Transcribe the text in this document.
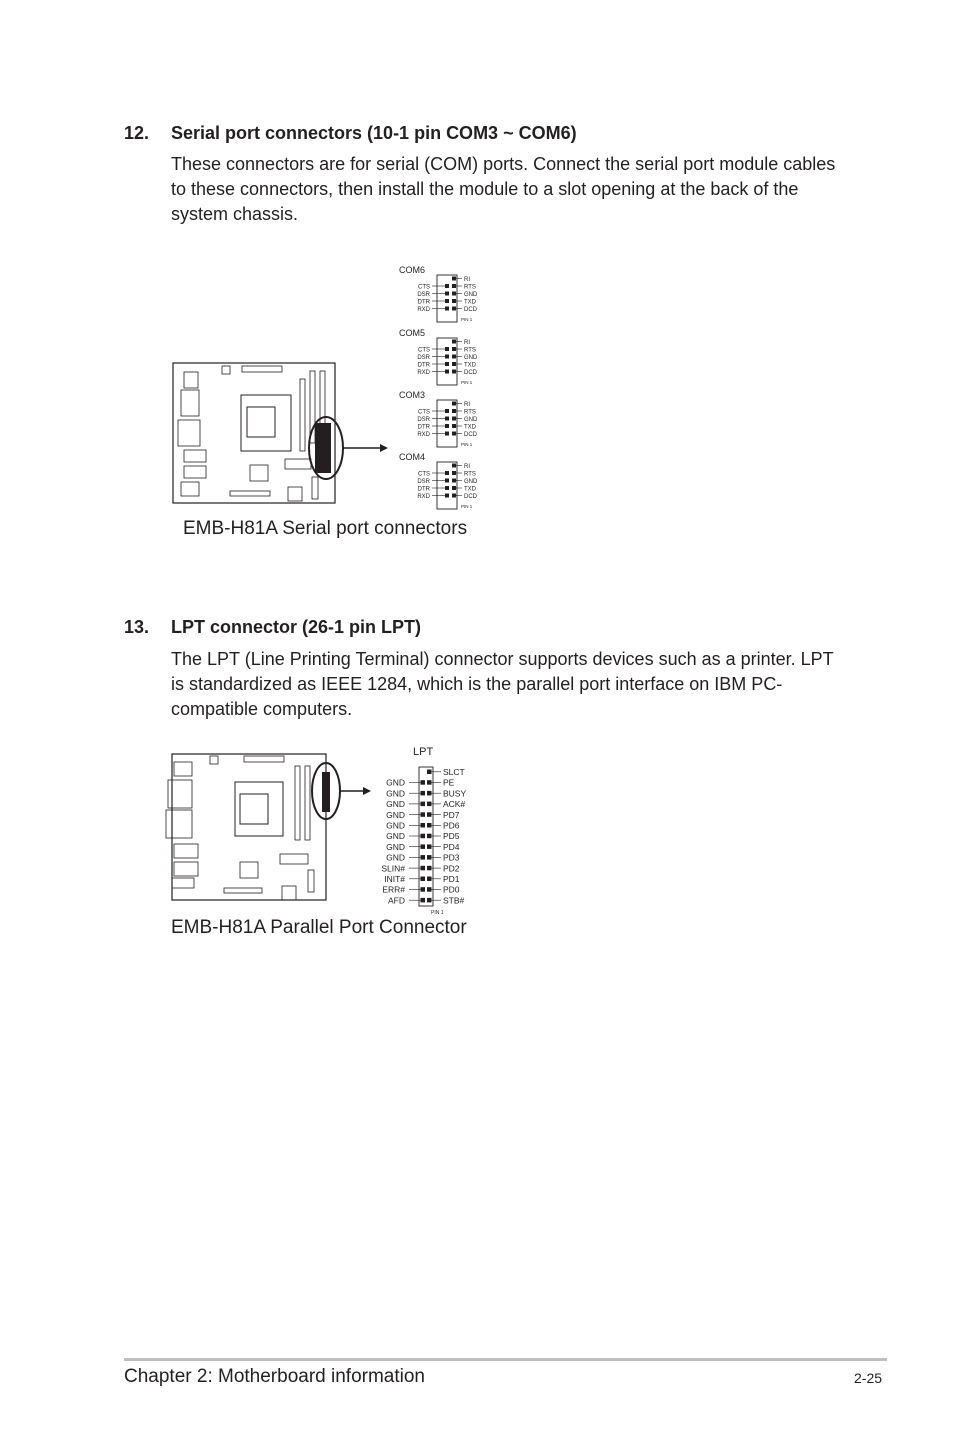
12. Serial port connectors (10-1 pin COM3 ~ COM6)
These connectors are for serial (COM) ports. Connect the serial port module cables to these connectors, then install the module to a slot opening at the back of the system chassis.
COM6
RI
RTS
CTS
GND
DSR
TXD
DTR
DCD
RXD
PIN 1
COM5
RI
RTS
CTS
GND
DSR
TXD
DTR
DCD
RXD
PIN 1
COM3
RI
RTS
CTS
GND
DSR
TXD
DTR
DCD
RXD
PIN 1
COM4
RI
RTS
CTS
GND
DSR
TXD
DTR
DCD
RXD
PIN 1
EMB-H81A Serial port connectors
13. LPT connector (26-1 pin LPT)
The LPT (Line Printing Terminal) connector supports devices such as a printer. LPT is standardized as IEEE 1284, which is the parallel port interface on IBM PC-compatible computers.
LPT
SLCT
PE
GND
BUSY
GND
ACK#
GND
PD7
GND
PD6
GND
PD5
GND
PD4
GND
PD3
GND
PD2
SLIN#
PD1
INIT#
PD0
ERR#
STB#
AFD
PIN 1
EMB-H81A Parallel Port Connector
Chapter 2: Motherboard information	2-25
